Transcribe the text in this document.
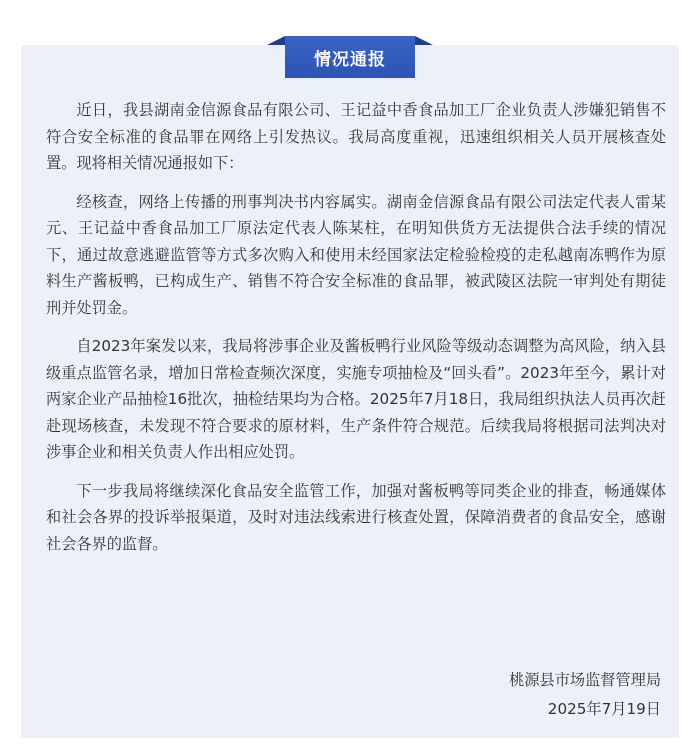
情况通报

近日，我县湖南金信源食品有限公司、王记益中香食品加工厂企业负责人涉嫌犯销售不符合安全标准的食品罪在网络上引发热议。我局高度重视，迅速组织相关人员开展核查处置。现将相关情况通报如下：

经核查，网络上传播的刑事判决书内容属实。湖南金信源食品有限公司法定代表人雷某元、王记益中香食品加工厂原法定代表人陈某柱，在明知供货方无法提供合法手续的情况下，通过故意逃避监管等方式多次购入和使用未经国家法定检验检疫的走私越南冻鸭作为原料生产酱板鸭，已构成生产、销售不符合安全标准的食品罪，被武陵区法院一审判处有期徒刑并处罚金。

自2023年案发以来，我局将涉事企业及酱板鸭行业风险等级动态调整为高风险，纳入县级重点监管名录，增加日常检查频次深度，实施专项抽检及“回头看”。2023年至今，累计对两家企业产品抽检16批次，抽检结果均为合格。2025年7月18日，我局组织执法人员再次赶赴现场核查，未发现不符合要求的原材料，生产条件符合规范。后续我局将根据司法判决对涉事企业和相关负责人作出相应处罚。

下一步我局将继续深化食品安全监管工作，加强对酱板鸭等同类企业的排查，畅通媒体和社会各界的投诉举报渠道，及时对违法线索进行核查处置，保障消费者的食品安全，感谢社会各界的监督。

桃源县市场监督管理局
2025年7月19日
